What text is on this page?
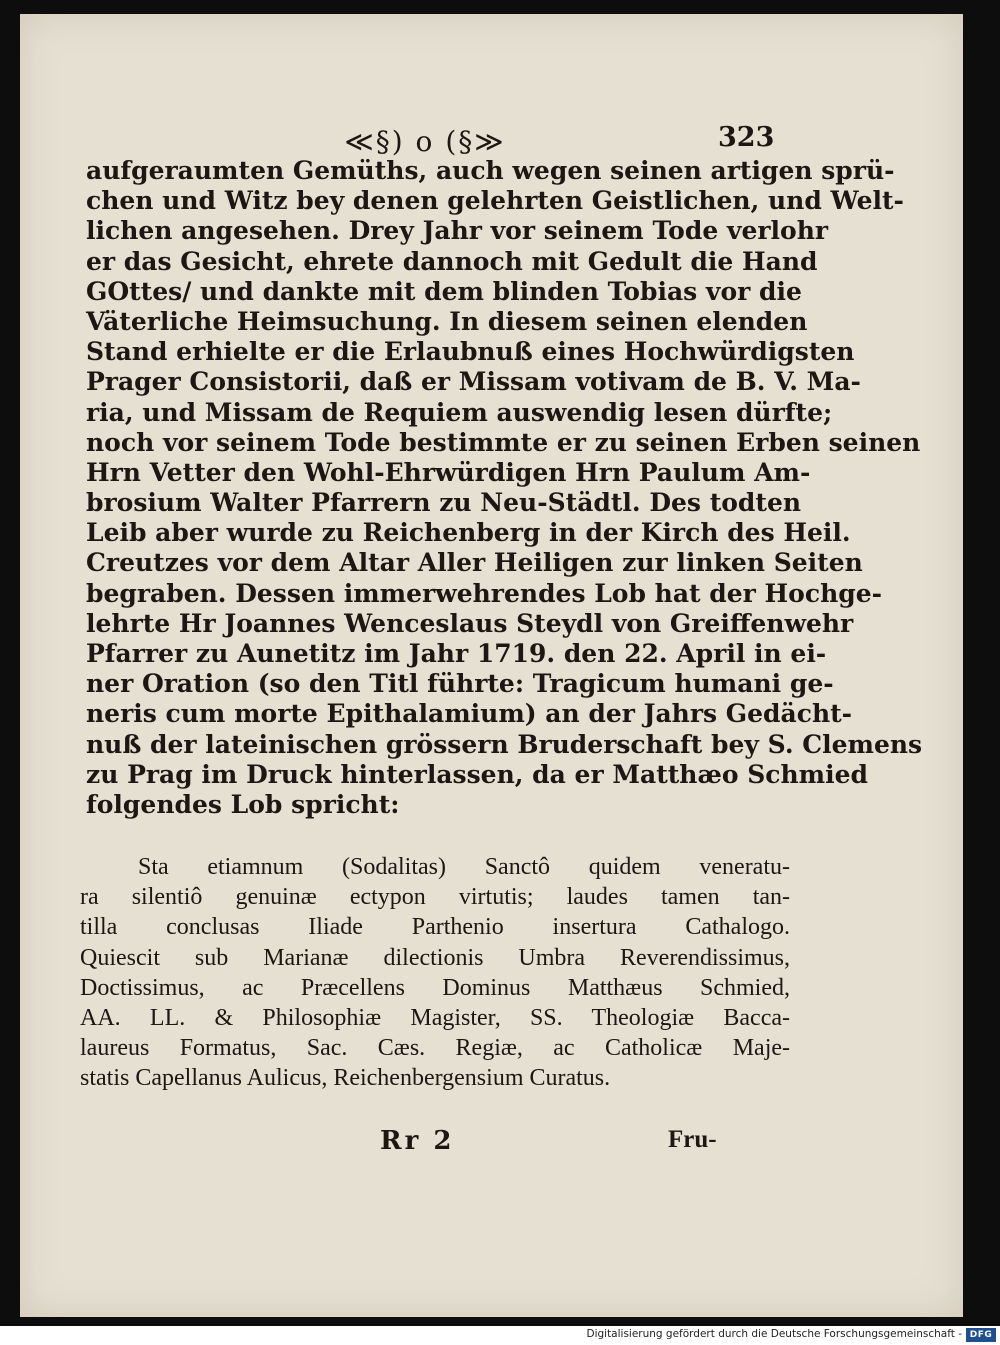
≪§) o (§≫	323
aufgeraumten Gemüths, auch wegen seinen artigen sprü-
chen und Witz bey denen gelehrten Geistlichen, und Welt-
lichen angesehen. Drey Jahr vor seinem Tode verlohr
er das Gesicht, ehrete dannoch mit Gedult die Hand
GOttes/ und dankte mit dem blinden Tobias vor die
Väterliche Heimsuchung. In diesem seinen elenden
Stand erhielte er die Erlaubnuß eines Hochwürdigsten
Prager Consistorii, daß er Missam votivam de B. V. Ma-
ria, und Missam de Requiem auswendig lesen dürfte;
noch vor seinem Tode bestimmte er zu seinen Erben seinen
Hrn Vetter den Wohl-Ehrwürdigen Hrn Paulum Am-
brosium Walter Pfarrern zu Neu-Städtl. Des todten
Leib aber wurde zu Reichenberg in der Kirch des Heil.
Creutzes vor dem Altar Aller Heiligen zur linken Seiten
begraben. Dessen immerwehrendes Lob hat der Hochge-
lehrte Hr Joannes Wenceslaus Steydl von Greiffenwehr
Pfarrer zu Aunetitz im Jahr 1719. den 22. April in ei-
ner Oration (so den Titl führte: Tragicum humani ge-
neris cum morte Epithalamium) an der Jahrs Gedächt-
nuß der lateinischen grössern Bruderschaft bey S. Clemens
zu Prag im Druck hinterlassen, da er Matthæo Schmied
folgendes Lob spricht:
Sta etiamnum (Sodalitas) Sanctô quidem veneratu-
ra silentiô genuinæ ectypon virtutis; laudes tamen tan-
tilla conclusas Iliade Parthenio insertura Cathalogo.
Quiescit sub Marianæ dilectionis Umbra Reverendissimus,
Doctissimus, ac Præcellens Dominus Matthæus Schmied,
AA. LL. & Philosophiæ Magister, SS. Theologiæ Bacca-
laureus Formatus, Sac. Cæs. Regiæ, ac Catholicæ Maje-
statis Capellanus Aulicus, Reichenbergensium Curatus.
Rr 2	Fru-
Digitalisierung gefördert durch die Deutsche Forschungsgemeinschaft - DFG
